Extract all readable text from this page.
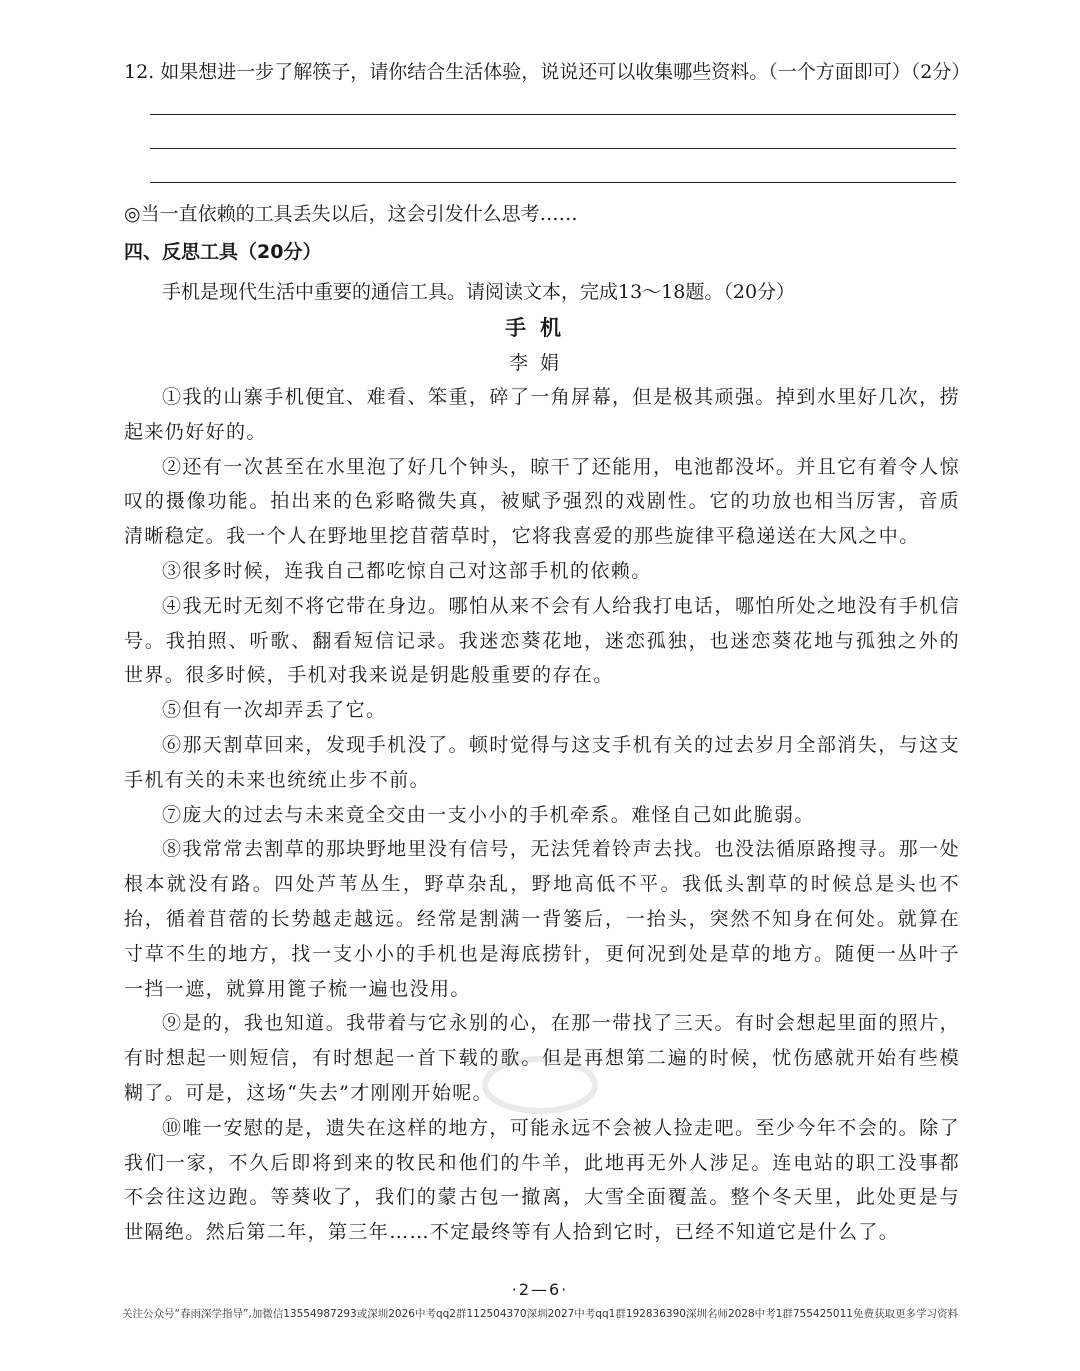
12. 如果想进一步了解筷子，请你结合生活体验，说说还可以收集哪些资料。（一个方面即可）（2分）
◎当一直依赖的工具丢失以后，这会引发什么思考……
四、反思工具（20分）
手机是现代生活中重要的通信工具。请阅读文本，完成13～18题。（20分）
手机
李娟

①我的山寨手机便宜、难看、笨重，碎了一角屏幕，但是极其顽强。掉到水里好几次，捞起来仍好好的。

②还有一次甚至在水里泡了好几个钟头，晾干了还能用，电池都没坏。并且它有着令人惊叹的摄像功能。拍出来的色彩略微失真，被赋予强烈的戏剧性。它的功放也相当厉害，音质清晰稳定。我一个人在野地里挖苜蓿草时，它将我喜爱的那些旋律平稳递送在大风之中。

③很多时候，连我自己都吃惊自己对这部手机的依赖。

④我无时无刻不将它带在身边。哪怕从来不会有人给我打电话，哪怕所处之地没有手机信号。我拍照、听歌、翻看短信记录。我迷恋葵花地，迷恋孤独，也迷恋葵花地与孤独之外的世界。很多时候，手机对我来说是钥匙般重要的存在。

⑤但有一次却弄丢了它。

⑥那天割草回来，发现手机没了。顿时觉得与这支手机有关的过去岁月全部消失，与这支手机有关的未来也统统止步不前。

⑦庞大的过去与未来竟全交由一支小小的手机牵系。难怪自己如此脆弱。

⑧我常常去割草的那块野地里没有信号，无法凭着铃声去找。也没法循原路搜寻。那一处根本就没有路。四处芦苇丛生，野草杂乱，野地高低不平。我低头割草的时候总是头也不抬，循着苜蓿的长势越走越远。经常是割满一背篓后，一抬头，突然不知身在何处。就算在寸草不生的地方，找一支小小的手机也是海底捞针，更何况到处是草的地方。随便一丛叶子一挡一遮，就算用篦子梳一遍也没用。

⑨是的，我也知道。我带着与它永别的心，在那一带找了三天。有时会想起里面的照片，有时想起一则短信，有时想起一首下载的歌。但是再想第二遍的时候，忧伤感就开始有些模糊了。可是，这场“失去”才刚刚开始呢。

⑩唯一安慰的是，遗失在这样的地方，可能永远不会被人捡走吧。至少今年不会的。除了我们一家，不久后即将到来的牧民和他们的牛羊，此地再无外人涉足。连电站的职工没事都不会往这边跑。等葵收了，我们的蒙古包一撤离，大雪全面覆盖。整个冬天里，此处更是与世隔绝。然后第二年，第三年……不定最终等有人拾到它时，已经不知道它是什么了。

·2—6·
关注公众号“春雨深学指导”,加微信13554987293或深圳2026中考qq2群112504370深圳2027中考qq1群192836390深圳名师2028中考1群755425011免费获取更多学习资料
